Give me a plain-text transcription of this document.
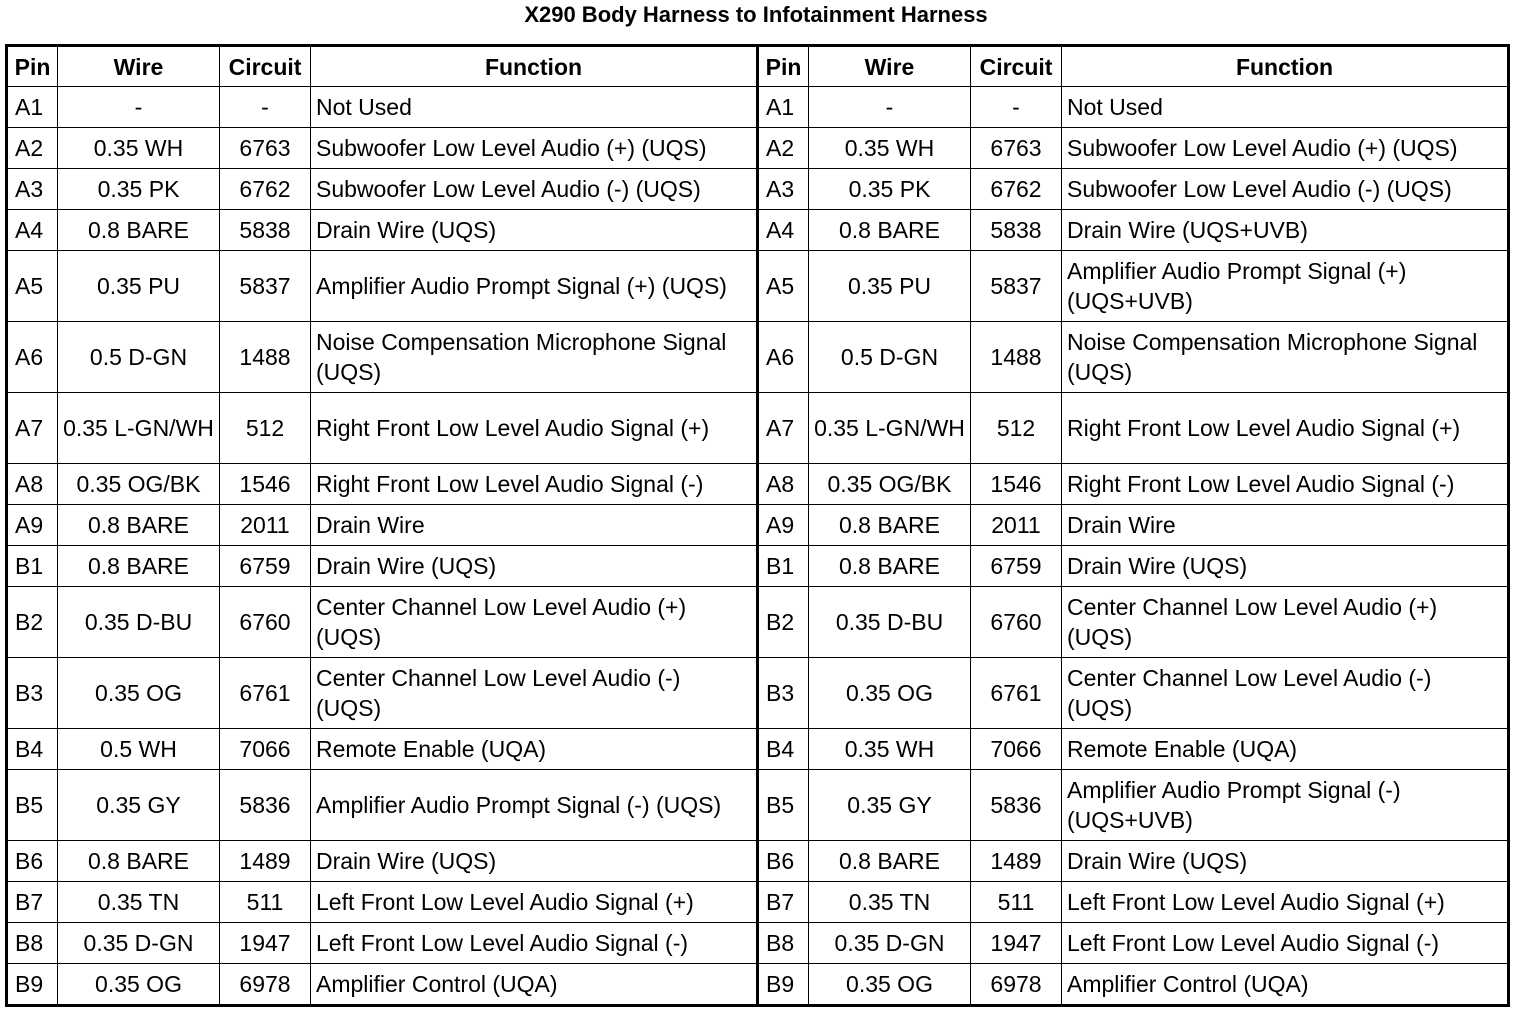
X290 Body Harness to Infotainment Harness
Pin	Wire	Circuit	Function	Pin	Wire	Circuit	Function
A1	-	-	Not Used	A1	-	-	Not Used
A2	0.35 WH	6763	Subwoofer Low Level Audio (+) (UQS)	A2	0.35 WH	6763	Subwoofer Low Level Audio (+) (UQS)
A3	0.35 PK	6762	Subwoofer Low Level Audio (-) (UQS)	A3	0.35 PK	6762	Subwoofer Low Level Audio (-) (UQS)
A4	0.8 BARE	5838	Drain Wire (UQS)	A4	0.8 BARE	5838	Drain Wire (UQS+UVB)
A5	0.35 PU	5837	Amplifier Audio Prompt Signal (+) (UQS)	A5	0.35 PU	5837	Amplifier Audio Prompt Signal (+) (UQS+UVB)
A6	0.5 D-GN	1488	Noise Compensation Microphone Signal (UQS)	A6	0.5 D-GN	1488	Noise Compensation Microphone Signal (UQS)
A7	0.35 L-GN/WH	512	Right Front Low Level Audio Signal (+)	A7	0.35 L-GN/WH	512	Right Front Low Level Audio Signal (+)
A8	0.35 OG/BK	1546	Right Front Low Level Audio Signal (-)	A8	0.35 OG/BK	1546	Right Front Low Level Audio Signal (-)
A9	0.8 BARE	2011	Drain Wire	A9	0.8 BARE	2011	Drain Wire
B1	0.8 BARE	6759	Drain Wire (UQS)	B1	0.8 BARE	6759	Drain Wire (UQS)
B2	0.35 D-BU	6760	Center Channel Low Level Audio (+) (UQS)	B2	0.35 D-BU	6760	Center Channel Low Level Audio (+) (UQS)
B3	0.35 OG	6761	Center Channel Low Level Audio (-) (UQS)	B3	0.35 OG	6761	Center Channel Low Level Audio (-) (UQS)
B4	0.5 WH	7066	Remote Enable (UQA)	B4	0.35 WH	7066	Remote Enable (UQA)
B5	0.35 GY	5836	Amplifier Audio Prompt Signal (-) (UQS)	B5	0.35 GY	5836	Amplifier Audio Prompt Signal (-) (UQS+UVB)
B6	0.8 BARE	1489	Drain Wire (UQS)	B6	0.8 BARE	1489	Drain Wire (UQS)
B7	0.35 TN	511	Left Front Low Level Audio Signal (+)	B7	0.35 TN	511	Left Front Low Level Audio Signal (+)
B8	0.35 D-GN	1947	Left Front Low Level Audio Signal (-)	B8	0.35 D-GN	1947	Left Front Low Level Audio Signal (-)
B9	0.35 OG	6978	Amplifier Control (UQA)	B9	0.35 OG	6978	Amplifier Control (UQA)
